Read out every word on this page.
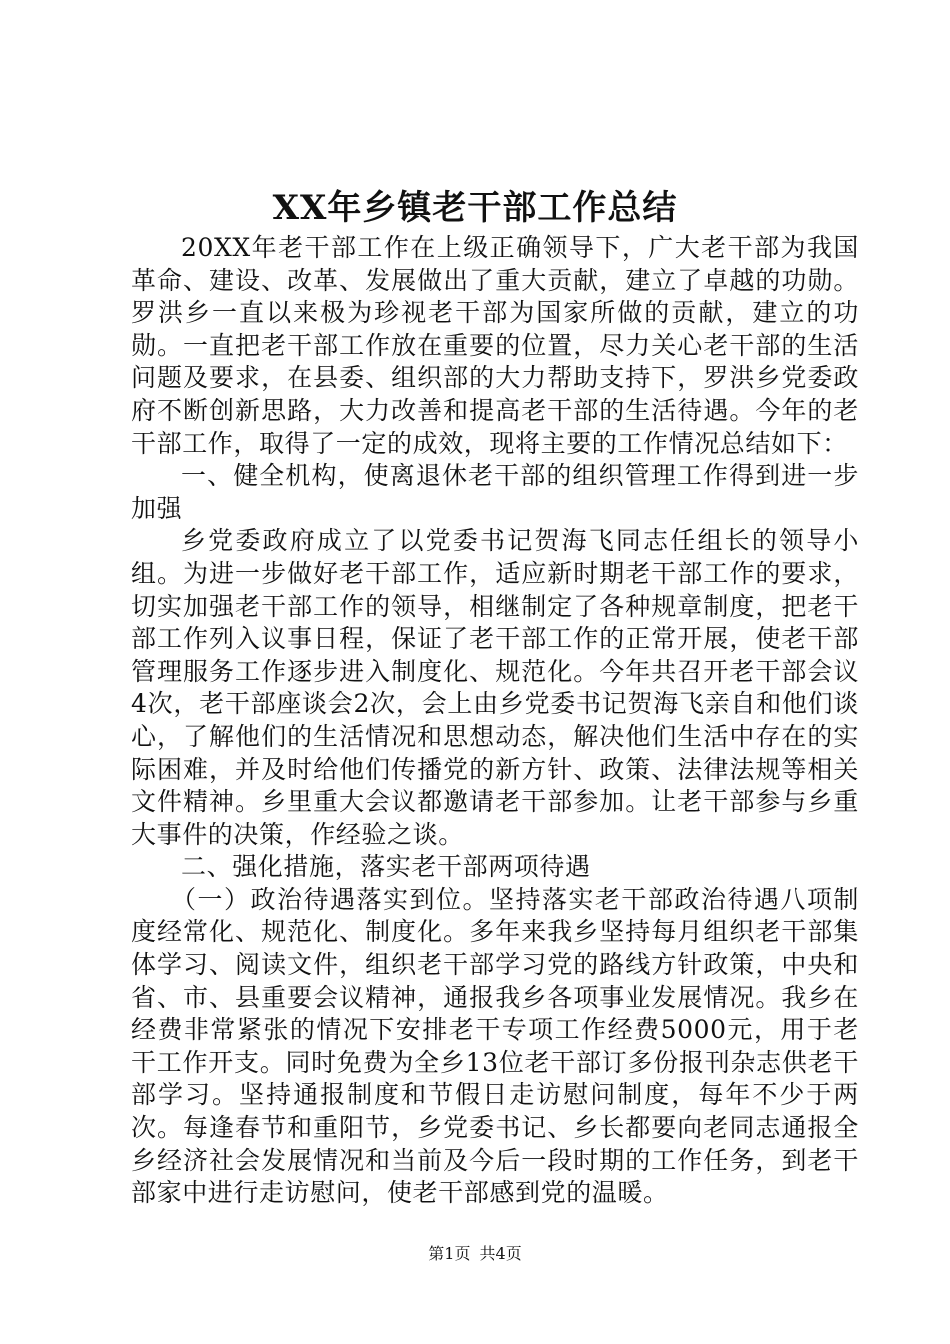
XX年乡镇老干部工作总结

20XX年老干部工作在上级正确领导下，广大老干部为我国革命、建设、改革、发展做出了重大贡献，建立了卓越的功勋。罗洪乡一直以来极为珍视老干部为国家所做的贡献，建立的功勋。一直把老干部工作放在重要的位置，尽力关心老干部的生活问题及要求，在县委、组织部的大力帮助支持下，罗洪乡党委政府不断创新思路，大力改善和提高老干部的生活待遇。今年的老干部工作，取得了一定的成效，现将主要的工作情况总结如下：

一、健全机构，使离退休老干部的组织管理工作得到进一步加强

乡党委政府成立了以党委书记贺海飞同志任组长的领导小组。为进一步做好老干部工作，适应新时期老干部工作的要求，切实加强老干部工作的领导，相继制定了各种规章制度，把老干部工作列入议事日程，保证了老干部工作的正常开展，使老干部管理服务工作逐步进入制度化、规范化。今年共召开老干部会议4次，老干部座谈会2次，会上由乡党委书记贺海飞亲自和他们谈心，了解他们的生活情况和思想动态，解决他们生活中存在的实际困难，并及时给他们传播党的新方针、政策、法律法规等相关文件精神。乡里重大会议都邀请老干部参加。让老干部参与乡重大事件的决策，作经验之谈。

二、强化措施，落实老干部两项待遇

（一）政治待遇落实到位。坚持落实老干部政治待遇八项制度经常化、规范化、制度化。多年来我乡坚持每月组织老干部集体学习、阅读文件，组织老干部学习党的路线方针政策，中央和省、市、县重要会议精神，通报我乡各项事业发展情况。我乡在经费非常紧张的情况下安排老干专项工作经费5000元，用于老干工作开支。同时免费为全乡13位老干部订多份报刊杂志供老干部学习。坚持通报制度和节假日走访慰问制度，每年不少于两次。每逢春节和重阳节，乡党委书记、乡长都要向老同志通报全乡经济社会发展情况和当前及今后一段时期的工作任务，到老干部家中进行走访慰问，使老干部感到党的温暖。

第1页 共4页
